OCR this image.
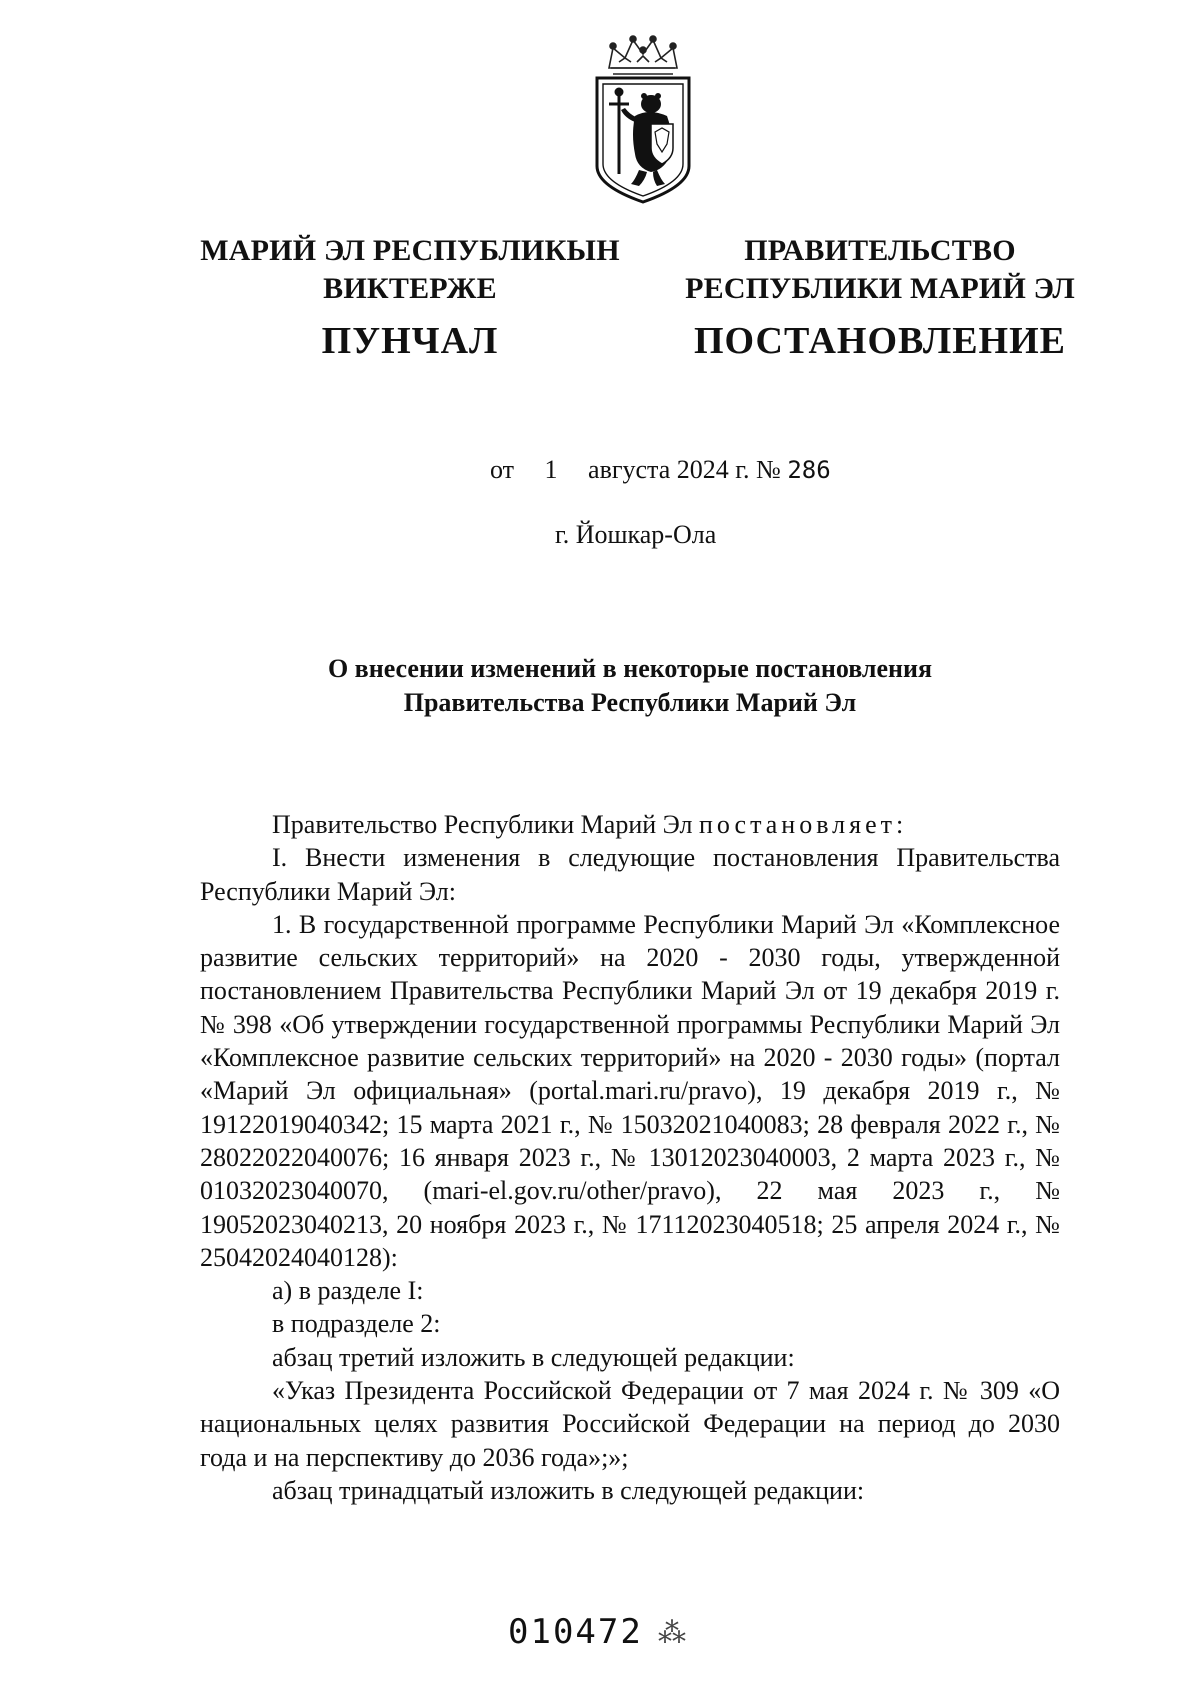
МАРИЙ ЭЛ РЕСПУБЛИКЫН
ВИКТЕРЖЕ
ПУНЧАЛ
ПРАВИТЕЛЬСТВО
РЕСПУБЛИКИ МАРИЙ ЭЛ
ПОСТАНОВЛЕНИЕ
от 1 августа 2024 г. № 286
г. Йошкар-Ола
О внесении изменений в некоторые постановления
Правительства Республики Марий Эл

Правительство Республики Марий Эл постановляет:

I. Внести изменения в следующие постановления Правительства Республики Марий Эл:

1. В государственной программе Республики Марий Эл «Комплексное развитие сельских территорий» на 2020 - 2030 годы, утвержденной постановлением Правительства Республики Марий Эл от 19 декабря 2019 г. № 398 «Об утверждении государственной программы Республики Марий Эл «Комплексное развитие сельских территорий» на 2020 - 2030 годы» (портал «Марий Эл официальная» (portal.mari.ru/pravo), 19 декабря 2019 г., № 19122019040342; 15 марта 2021 г., № 15032021040083; 28 февраля 2022 г., № 28022022040076; 16 января 2023 г., № 13012023040003, 2 марта 2023 г., № 01032023040070, (mari-el.gov.ru/other/pravo), 22 мая 2023 г., № 19052023040213, 20 ноября 2023 г., № 17112023040518; 25 апреля 2024 г., № 25042024040128):

а) в разделе I:

в подразделе 2:

абзац третий изложить в следующей редакции:

«Указ Президента Российской Федерации от 7 мая 2024 г. № 309 «О национальных целях развития Российской Федерации на период до 2030 года и на перспективу до 2036 года»;»;

абзац тринадцатый изложить в следующей редакции:

010472 ⁂
